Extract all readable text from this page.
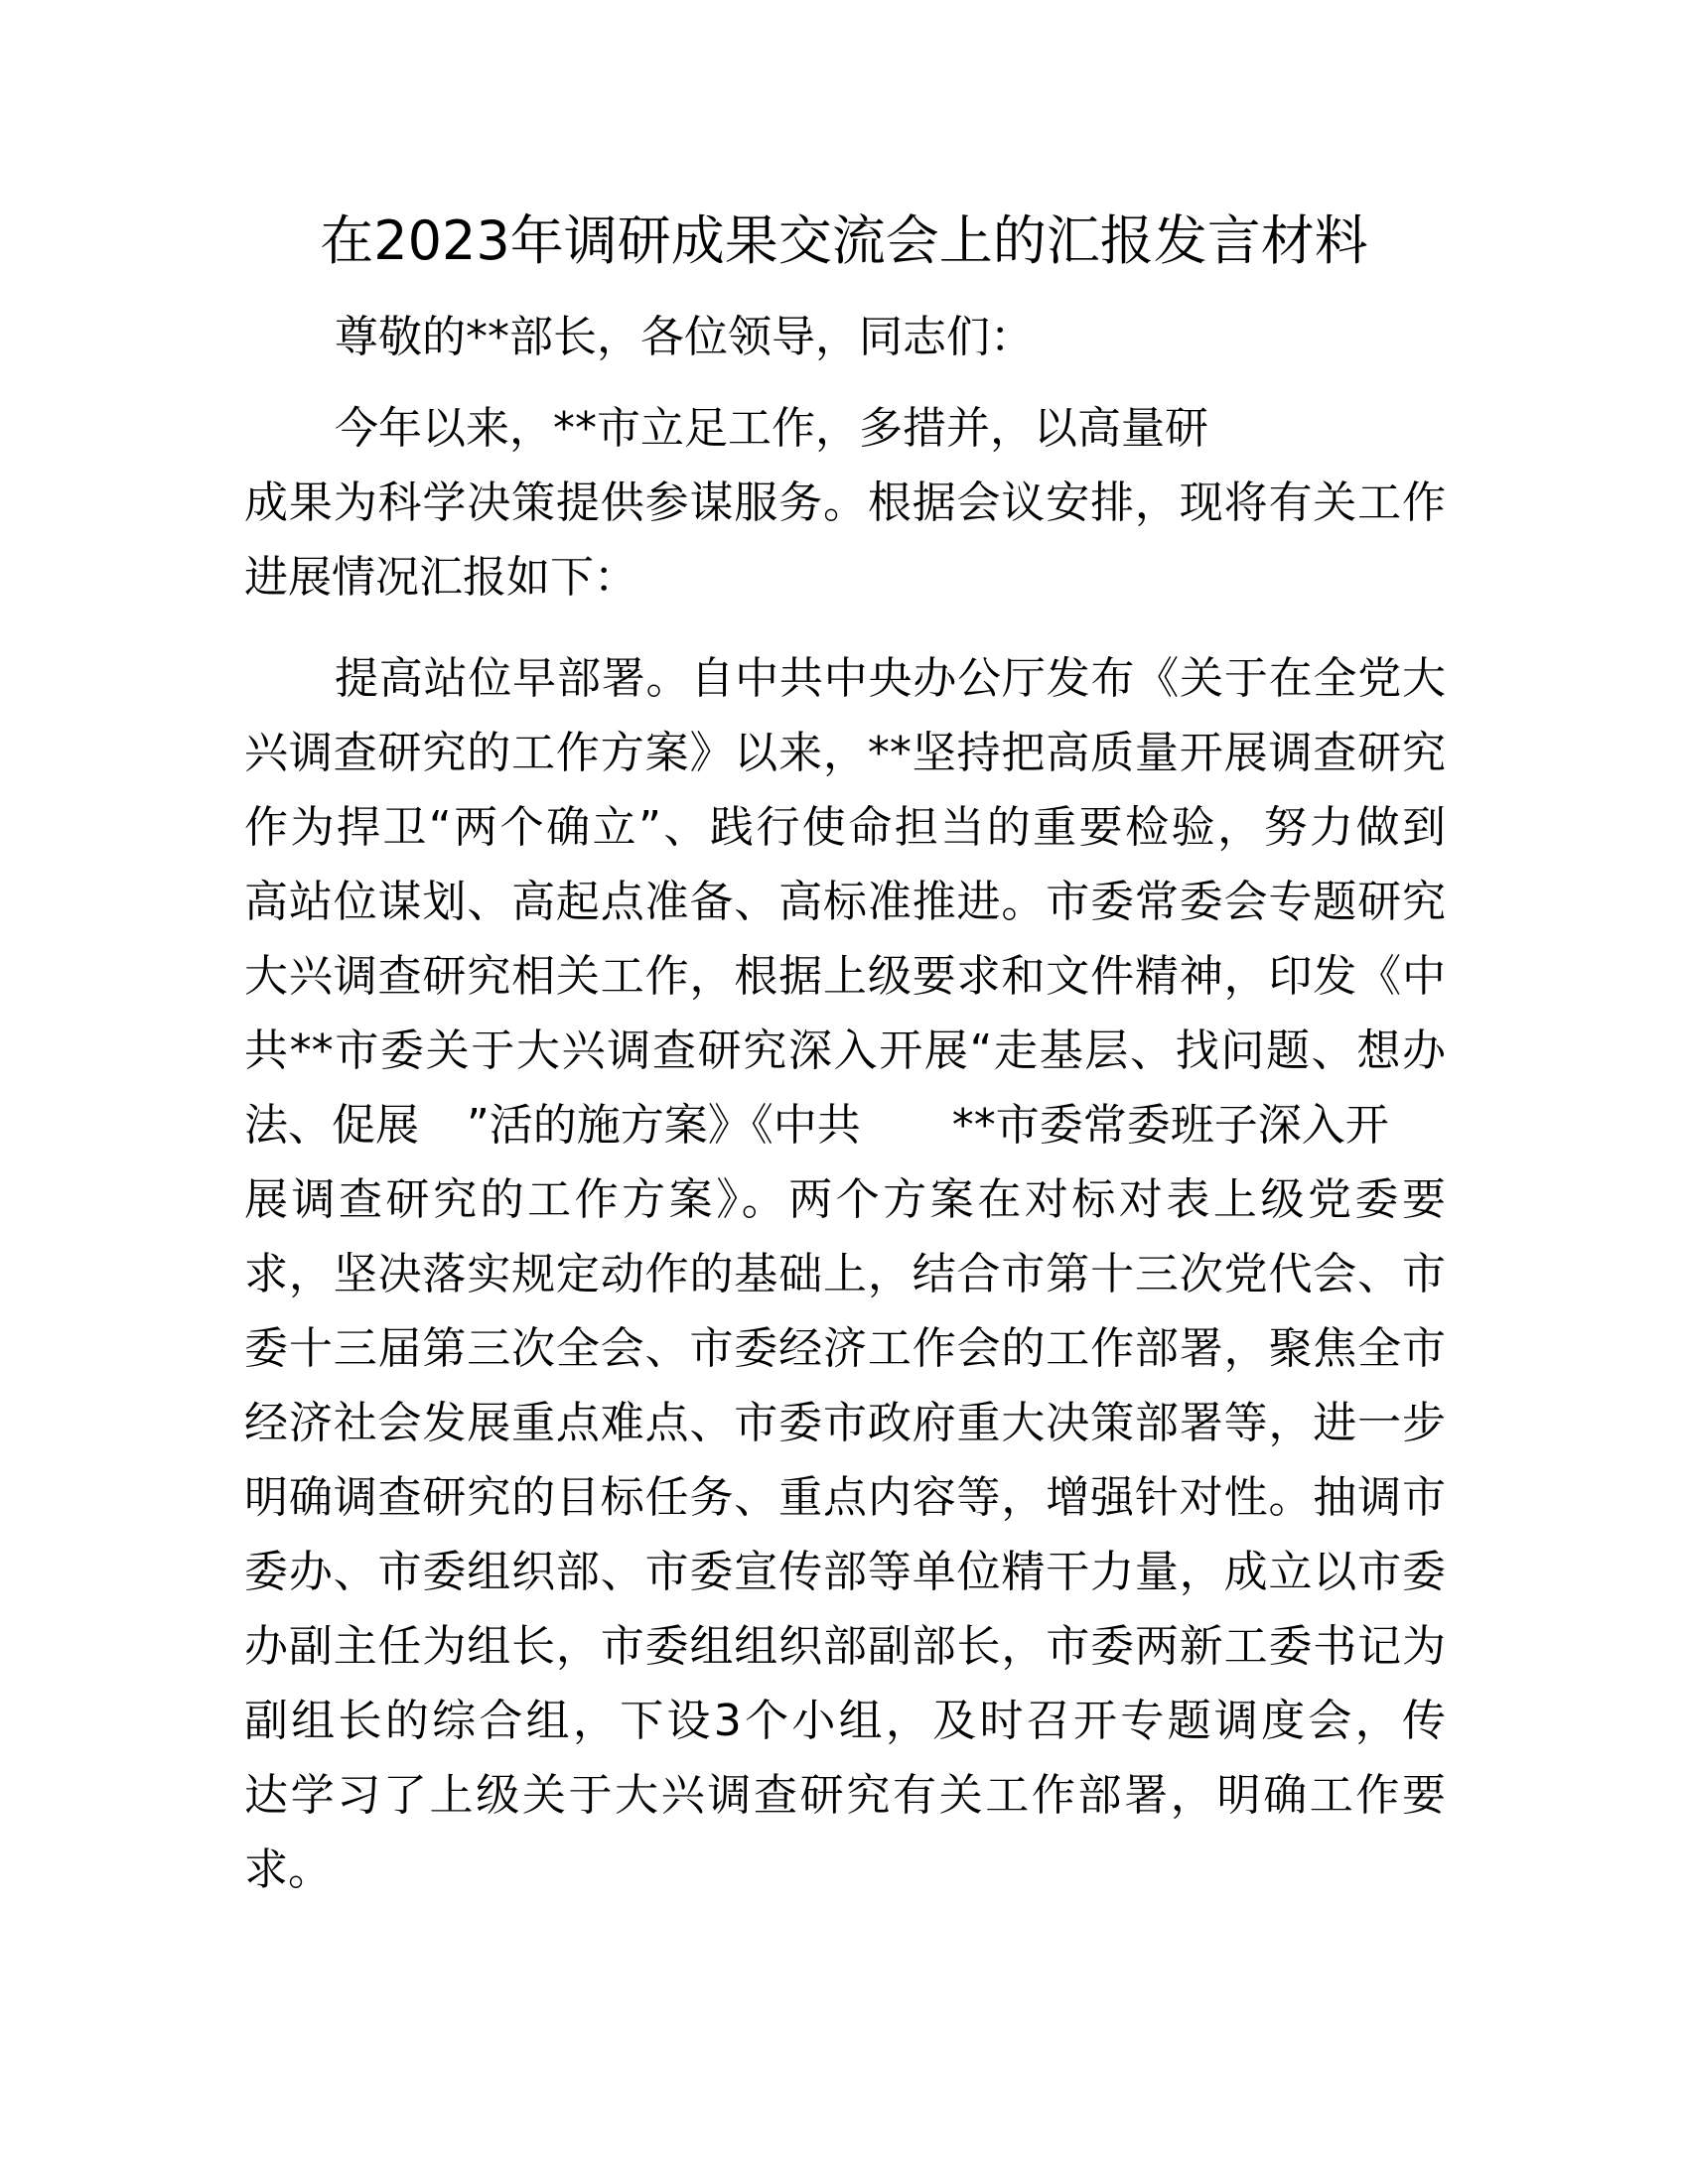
在2023年调研成果交流会上的汇报发言材料
尊敬的**部长，各位领导，同志们：
今年以来，**市立足工作，多措并，以高量研
成果为科学决策提供参谋服务。根据会议安排，现将有关工作
进展情况汇报如下：
提高站位早部署。自中共中央办公厅发布《关于在全党大
兴调查研究的工作方案》以来，**坚持把高质量开展调查研究
作为捍卫“两个确立”、践行使命担当的重要检验，努力做到
高站位谋划、高起点准备、高标准推进。市委常委会专题研究
大兴调查研究相关工作，根据上级要求和文件精神，印发《中
共**市委关于大兴调查研究深入开展“走基层、找问题、想办
法、促展 ”活的施方案》《中共 **市委常委班子深入开
展调查研究的工作方案》。两个方案在对标对表上级党委要
求，坚决落实规定动作的基础上，结合市第十三次党代会、市
委十三届第三次全会、市委经济工作会的工作部署，聚焦全市
经济社会发展重点难点、市委市政府重大决策部署等，进一步
明确调查研究的目标任务、重点内容等，增强针对性。抽调市
委办、市委组织部、市委宣传部等单位精干力量，成立以市委
办副主任为组长，市委组组织部副部长，市委两新工委书记为
副组长的综合组，下设3个小组，及时召开专题调度会，传
达学习了上级关于大兴调查研究有关工作部署，明确工作要
求。
